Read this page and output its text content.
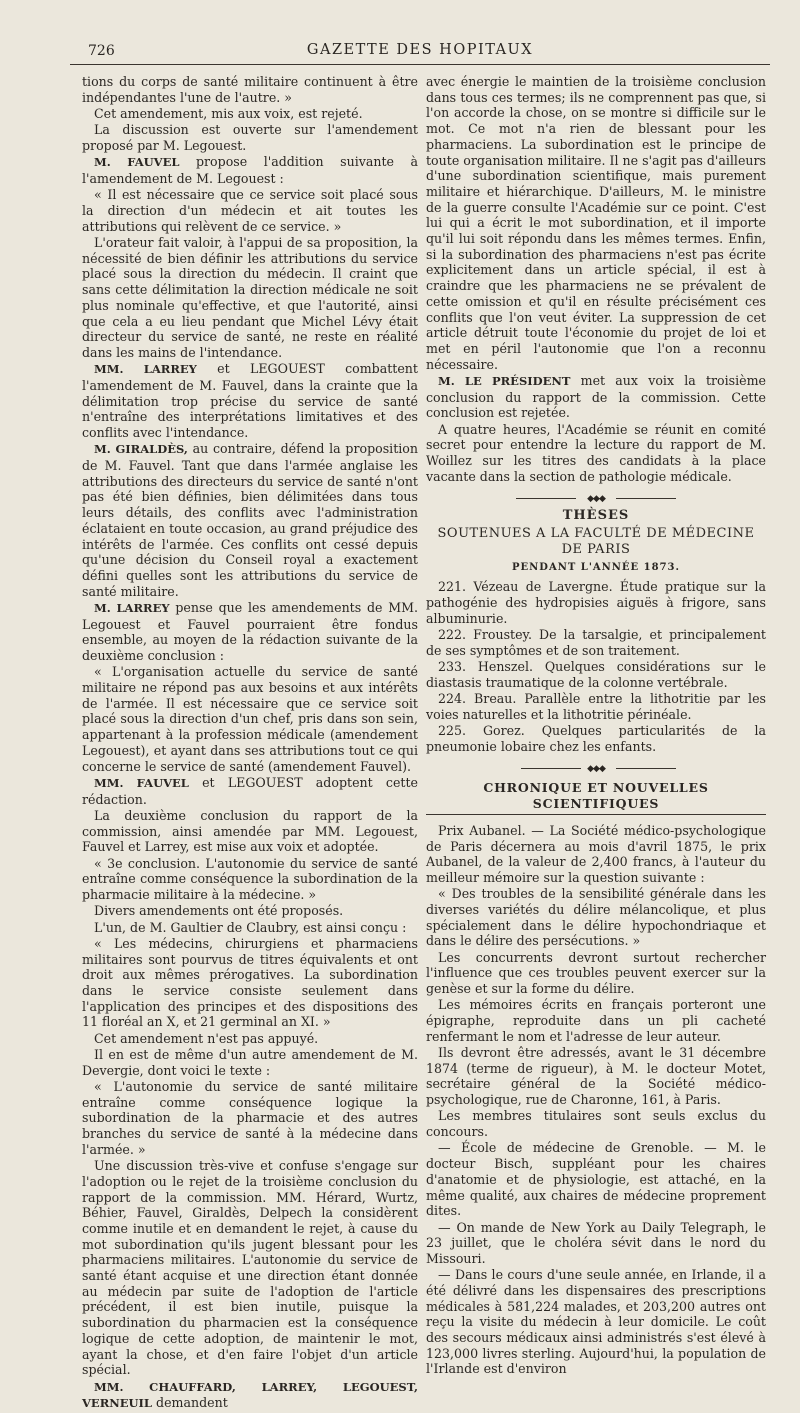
726	GAZETTE DES HOPITAUX

tions du corps de santé militaire continuent à être indépendantes l'une de l'autre. »

Cet amendement, mis aux voix, est rejeté.

La discussion est ouverte sur l'amendement proposé par M. Legouest.

M. FAUVEL propose l'addition suivante à l'amendement de M. Legouest :

« Il est nécessaire que ce service soit placé sous la direction d'un médecin et ait toutes les attributions qui relèvent de ce service. »

L'orateur fait valoir, à l'appui de sa proposition, la nécessité de bien définir les attributions du service placé sous la direction du médecin. Il craint que sans cette délimitation la direction médicale ne soit plus nominale qu'effective, et que l'autorité, ainsi que cela a eu lieu pendant que Michel Lévy était directeur du service de santé, ne reste en réalité dans les mains de l'intendance.

MM. LARREY et LEGOUEST combattent l'amendement de M. Fauvel, dans la crainte que la délimitation trop précise du service de santé n'entraîne des interprétations limitatives et des conflits avec l'intendance.

M. GIRALDÈS, au contraire, défend la proposition de M. Fauvel. Tant que dans l'armée anglaise les attributions des directeurs du service de santé n'ont pas été bien définies, bien délimitées dans tous leurs détails, des conflits avec l'administration éclataient en toute occasion, au grand préjudice des intérêts de l'armée. Ces conflits ont cessé depuis qu'une décision du Conseil royal a exactement défini quelles sont les attributions du service de santé militaire.

M. LARREY pense que les amendements de MM. Legouest et Fauvel pourraient être fondus ensemble, au moyen de la rédaction suivante de la deuxième conclusion :

« L'organisation actuelle du service de santé militaire ne répond pas aux besoins et aux intérêts de l'armée. Il est nécessaire que ce service soit placé sous la direction d'un chef, pris dans son sein, appartenant à la profession médicale (amendement Legouest), et ayant dans ses attributions tout ce qui concerne le service de santé (amendement Fauvel).

MM. FAUVEL et LEGOUEST adoptent cette rédaction.

La deuxième conclusion du rapport de la commission, ainsi amendée par MM. Legouest, Fauvel et Larrey, est mise aux voix et adoptée.

« 3e conclusion. L'autonomie du service de santé entraîne comme conséquence la subordination de la pharmacie militaire à la médecine. »

Divers amendements ont été proposés.

L'un, de M. Gaultier de Claubry, est ainsi conçu :

« Les médecins, chirurgiens et pharmaciens militaires sont pourvus de titres équivalents et ont droit aux mêmes prérogatives. La subordination dans le service consiste seulement dans l'application des principes et des dispositions des 11 floréal an X, et 21 germinal an XI. »

Cet amendement n'est pas appuyé.

Il en est de même d'un autre amendement de M. Devergie, dont voici le texte :

« L'autonomie du service de santé militaire entraîne comme conséquence logique la subordination de la pharmacie et des autres branches du service de santé à la médecine dans l'armée. »

Une discussion très-vive et confuse s'engage sur l'adoption ou le rejet de la troisième conclusion du rapport de la commission. MM. Hérard, Wurtz, Béhier, Fauvel, Giraldès, Delpech la considèrent comme inutile et en demandent le rejet, à cause du mot subordination qu'ils jugent blessant pour les pharmaciens militaires. L'autonomie du service de santé étant acquise et une direction étant donnée au médecin par suite de l'adoption de l'article précédent, il est bien inutile, puisque la subordination du pharmacien est la conséquence logique de cette adoption, de maintenir le mot, ayant la chose, et d'en faire l'objet d'un article spécial.

MM. CHAUFFARD, LARREY, LEGOUEST, VERNEUIL demandent

avec énergie le maintien de la troisième conclusion dans tous ces termes; ils ne comprennent pas que, si l'on accorde la chose, on se montre si difficile sur le mot. Ce mot n'a rien de blessant pour les pharmaciens. La subordination est le principe de toute organisation militaire. Il ne s'agit pas d'ailleurs d'une subordination scientifique, mais purement militaire et hiérarchique. D'ailleurs, M. le ministre de la guerre consulte l'Académie sur ce point. C'est lui qui a écrit le mot subordination, et il importe qu'il lui soit répondu dans les mêmes termes. Enfin, si la subordination des pharmaciens n'est pas écrite explicitement dans un article spécial, il est à craindre que les pharmaciens ne se prévalent de cette omission et qu'il en résulte précisément ces conflits que l'on veut éviter. La suppression de cet article détruit toute l'économie du projet de loi et met en péril l'autonomie que l'on a reconnu nécessaire.

M. LE PRÉSIDENT met aux voix la troisième conclusion du rapport de la commission. Cette conclusion est rejetée.

A quatre heures, l'Académie se réunit en comité secret pour entendre la lecture du rapport de M. Woillez sur les titres des candidats à la place vacante dans la section de pathologie médicale.

◆◆◆
THÈSES
SOUTENUES A LA FACULTÉ DE MÉDECINE DE PARIS
PENDANT L'ANNÉE 1873.

221. Vézeau de Lavergne. Étude pratique sur la pathogénie des hydropisies aiguës à frigore, sans albuminurie.

222. Froustey. De la tarsalgie, et principalement de ses symptômes et de son traitement.

233. Henszel. Quelques considérations sur le diastasis traumatique de la colonne vertébrale.

224. Breau. Parallèle entre la lithotritie par les voies naturelles et la lithotritie périnéale.

225. Gorez. Quelques particularités de la pneumonie lobaire chez les enfants.

◆◆◆
CHRONIQUE ET NOUVELLES SCIENTIFIQUES

Prix Aubanel. — La Société médico-psychologique de Paris décernera au mois d'avril 1875, le prix Aubanel, de la valeur de 2,400 francs, à l'auteur du meilleur mémoire sur la question suivante :

« Des troubles de la sensibilité générale dans les diverses variétés du délire mélancolique, et plus spécialement dans le délire hypochondriaque et dans le délire des persécutions. »

Les concurrents devront surtout rechercher l'influence que ces troubles peuvent exercer sur la genèse et sur la forme du délire.

Les mémoires écrits en français porteront une épigraphe, reproduite dans un pli cacheté renfermant le nom et l'adresse de leur auteur.

Ils devront être adressés, avant le 31 décembre 1874 (terme de rigueur), à M. le docteur Motet, secrétaire général de la Société médico-psychologique, rue de Charonne, 161, à Paris.

Les membres titulaires sont seuls exclus du concours.

— École de médecine de Grenoble. — M. le docteur Bisch, suppléant pour les chaires d'anatomie et de physiologie, est attaché, en la même qualité, aux chaires de médecine proprement dites.

— On mande de New York au Daily Telegraph, le 23 juillet, que le choléra sévit dans le nord du Missouri.

— Dans le cours d'une seule année, en Irlande, il a été délivré dans les dispensaires des prescriptions médicales à 581,224 malades, et 203,200 autres ont reçu la visite du médecin à leur domicile. Le coût des secours médicaux ainsi administrés s'est élevé à 123,000 livres sterling. Aujourd'hui, la population de l'Irlande est d'environ
